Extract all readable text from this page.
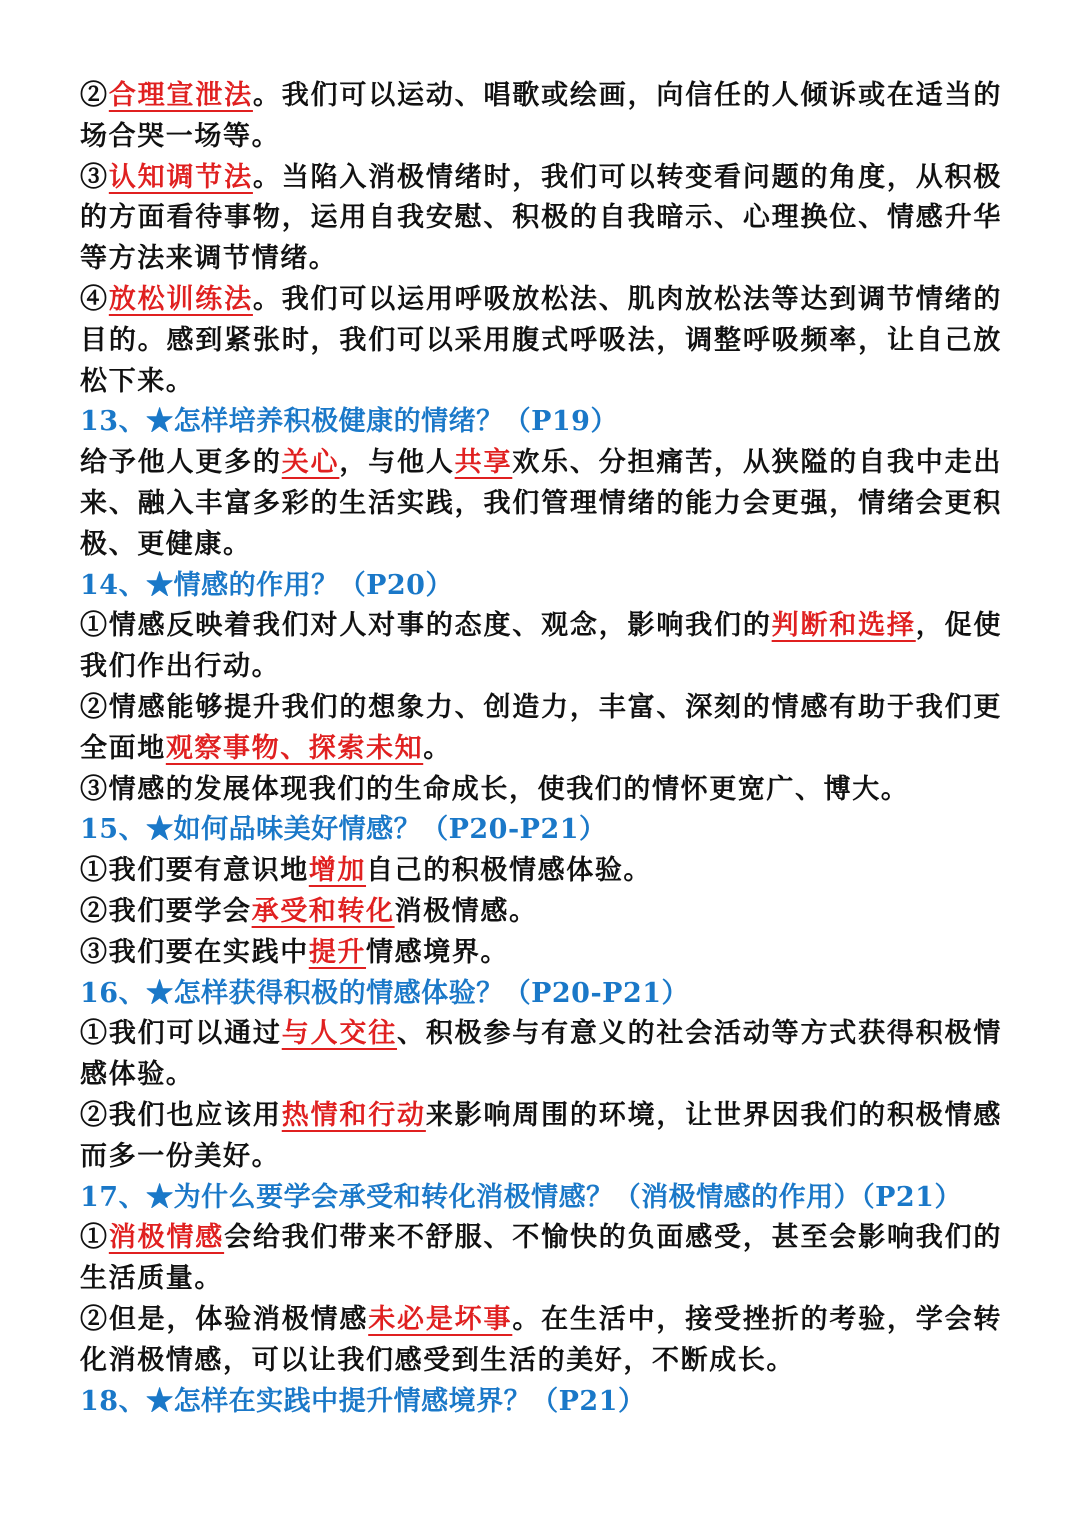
②合理宣泄法。我们可以运动、唱歌或绘画，向信任的人倾诉或在适当的场合哭一场等。
③认知调节法。当陷入消极情绪时，我们可以转变看问题的角度，从积极的方面看待事物，运用自我安慰、积极的自我暗示、心理换位、情感升华等方法来调节情绪。
④放松训练法。我们可以运用呼吸放松法、肌肉放松法等达到调节情绪的目的。感到紧张时，我们可以采用腹式呼吸法，调整呼吸频率，让自己放松下来。
13、★怎样培养积极健康的情绪？（P19）
给予他人更多的关心，与他人共享欢乐、分担痛苦，从狭隘的自我中走出来、融入丰富多彩的生活实践，我们管理情绪的能力会更强，情绪会更积极、更健康。
14、★情感的作用？（P20）
①情感反映着我们对人对事的态度、观念，影响我们的判断和选择，促使我们作出行动。
②情感能够提升我们的想象力、创造力，丰富、深刻的情感有助于我们更全面地观察事物、探索未知。
③情感的发展体现我们的生命成长，使我们的情怀更宽广、博大。
15、★如何品味美好情感？（P20-P21）
①我们要有意识地增加自己的积极情感体验。
②我们要学会承受和转化消极情感。
③我们要在实践中提升情感境界。
16、★怎样获得积极的情感体验？（P20-P21）
①我们可以通过与人交往、积极参与有意义的社会活动等方式获得积极情感体验。
②我们也应该用热情和行动来影响周围的环境，让世界因我们的积极情感而多一份美好。
17、★为什么要学会承受和转化消极情感？（消极情感的作用）（P21）
①消极情感会给我们带来不舒服、不愉快的负面感受，甚至会影响我们的生活质量。
②但是，体验消极情感未必是坏事。在生活中，接受挫折的考验，学会转化消极情感，可以让我们感受到生活的美好，不断成长。
18、★怎样在实践中提升情感境界？（P21）
